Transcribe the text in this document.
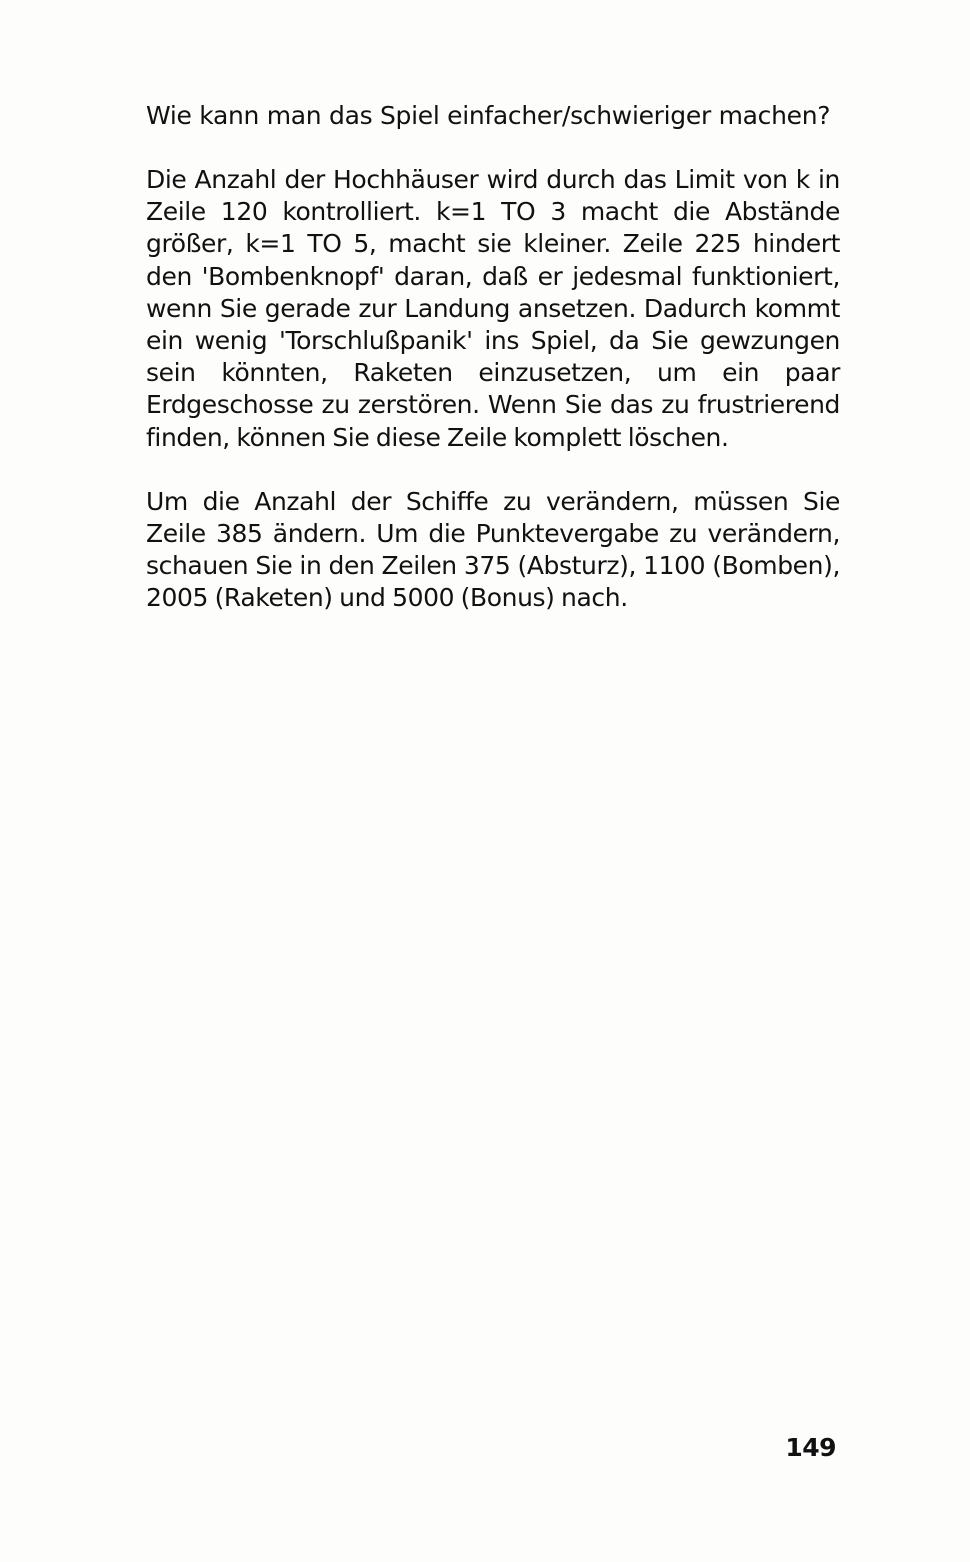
Wie kann man das Spiel einfacher/schwieriger machen?

Die Anzahl der Hochhäuser wird durch das Limit von k in Zeile 120 kontrolliert. k=1 TO 3 macht die Abstände größer, k=1 TO 5, macht sie kleiner. Zeile 225 hindert den 'Bombenknopf' daran, daß er jedesmal funktioniert, wenn Sie gerade zur Landung ansetzen. Dadurch kommt ein wenig 'Torschlußpanik' ins Spiel, da Sie gewzungen sein könnten, Raketen einzusetzen, um ein paar Erdgeschosse zu zerstören. Wenn Sie das zu frustrierend finden, können Sie diese Zeile komplett löschen.

Um die Anzahl der Schiffe zu verändern, müssen Sie Zeile 385 ändern. Um die Punktevergabe zu verändern, schauen Sie in den Zeilen 375 (Absturz), 1100 (Bomben), 2005 (Raketen) und 5000 (Bonus) nach.

149
